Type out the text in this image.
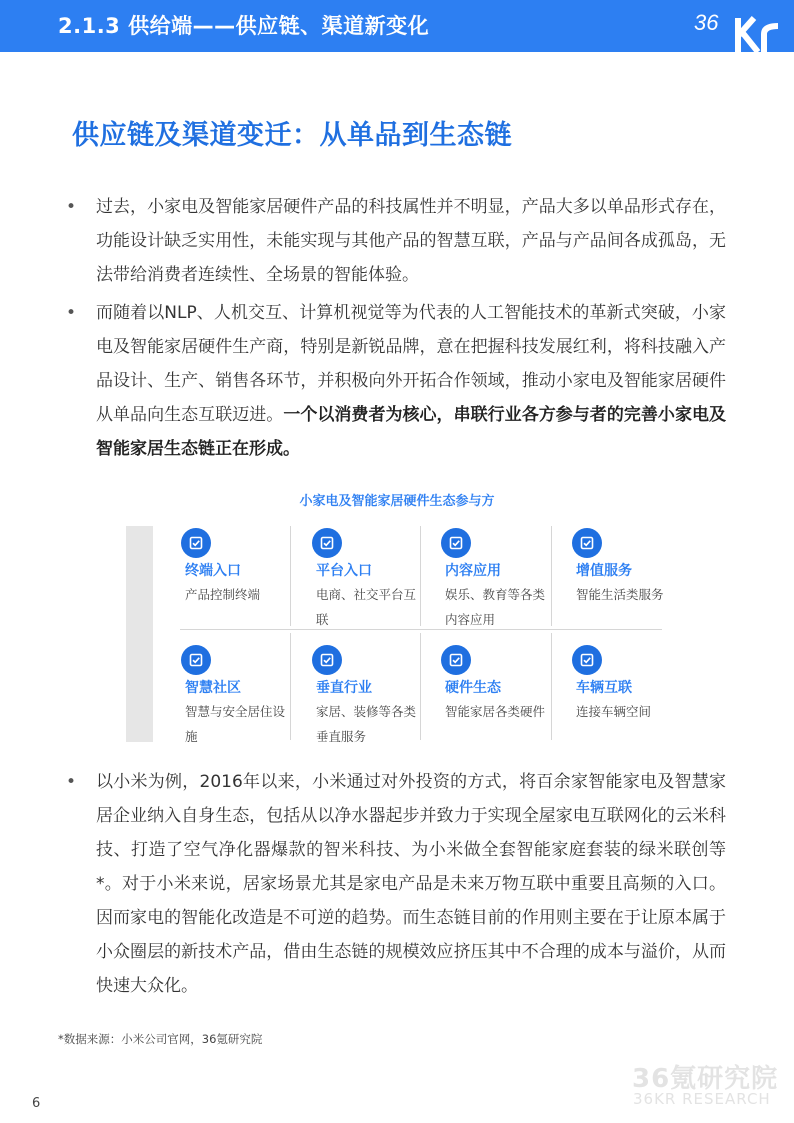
2.1.3 供给端——供应链、渠道新变化	36
供应链及渠道变迁：从单品到生态链
• 过去，小家电及智能家居硬件产品的科技属性并不明显，产品大多以单品形式存在，功能设计缺乏实用性，未能实现与其他产品的智慧互联，产品与产品间各成孤岛，无法带给消费者连续性、全场景的智能体验。
• 而随着以NLP、人机交互、计算机视觉等为代表的人工智能技术的革新式突破，小家电及智能家居硬件生产商，特别是新锐品牌，意在把握科技发展红利，将科技融入产品设计、生产、销售各环节，并积极向外开拓合作领域，推动小家电及智能家居硬件从单品向生态互联迈进。一个以消费者为核心，串联行业各方参与者的完善小家电及智能家居生态链正在形成。
小家电及智能家居硬件生态参与方
终端入口
产品控制终端
平台入口
电商、社交平台互联
内容应用
娱乐、教育等各类内容应用
增值服务
智能生活类服务
智慧社区
智慧与安全居住设施
垂直行业
家居、装修等各类垂直服务
硬件生态
智能家居各类硬件
车辆互联
连接车辆空间
• 以小米为例，2016年以来，小米通过对外投资的方式，将百余家智能家电及智慧家居企业纳入自身生态，包括从以净水器起步并致力于实现全屋家电互联网化的云米科技、打造了空气净化器爆款的智米科技、为小米做全套智能家庭套装的绿米联创等*。对于小米来说，居家场景尤其是家电产品是未来万物互联中重要且高频的入口。因而家电的智能化改造是不可逆的趋势。而生态链目前的作用则主要在于让原本属于小众圈层的新技术产品，借由生态链的规模效应挤压其中不合理的成本与溢价，从而快速大众化。
*数据来源：小米公司官网，36氪研究院
6
36氪研究院
36KR RESEARCH
